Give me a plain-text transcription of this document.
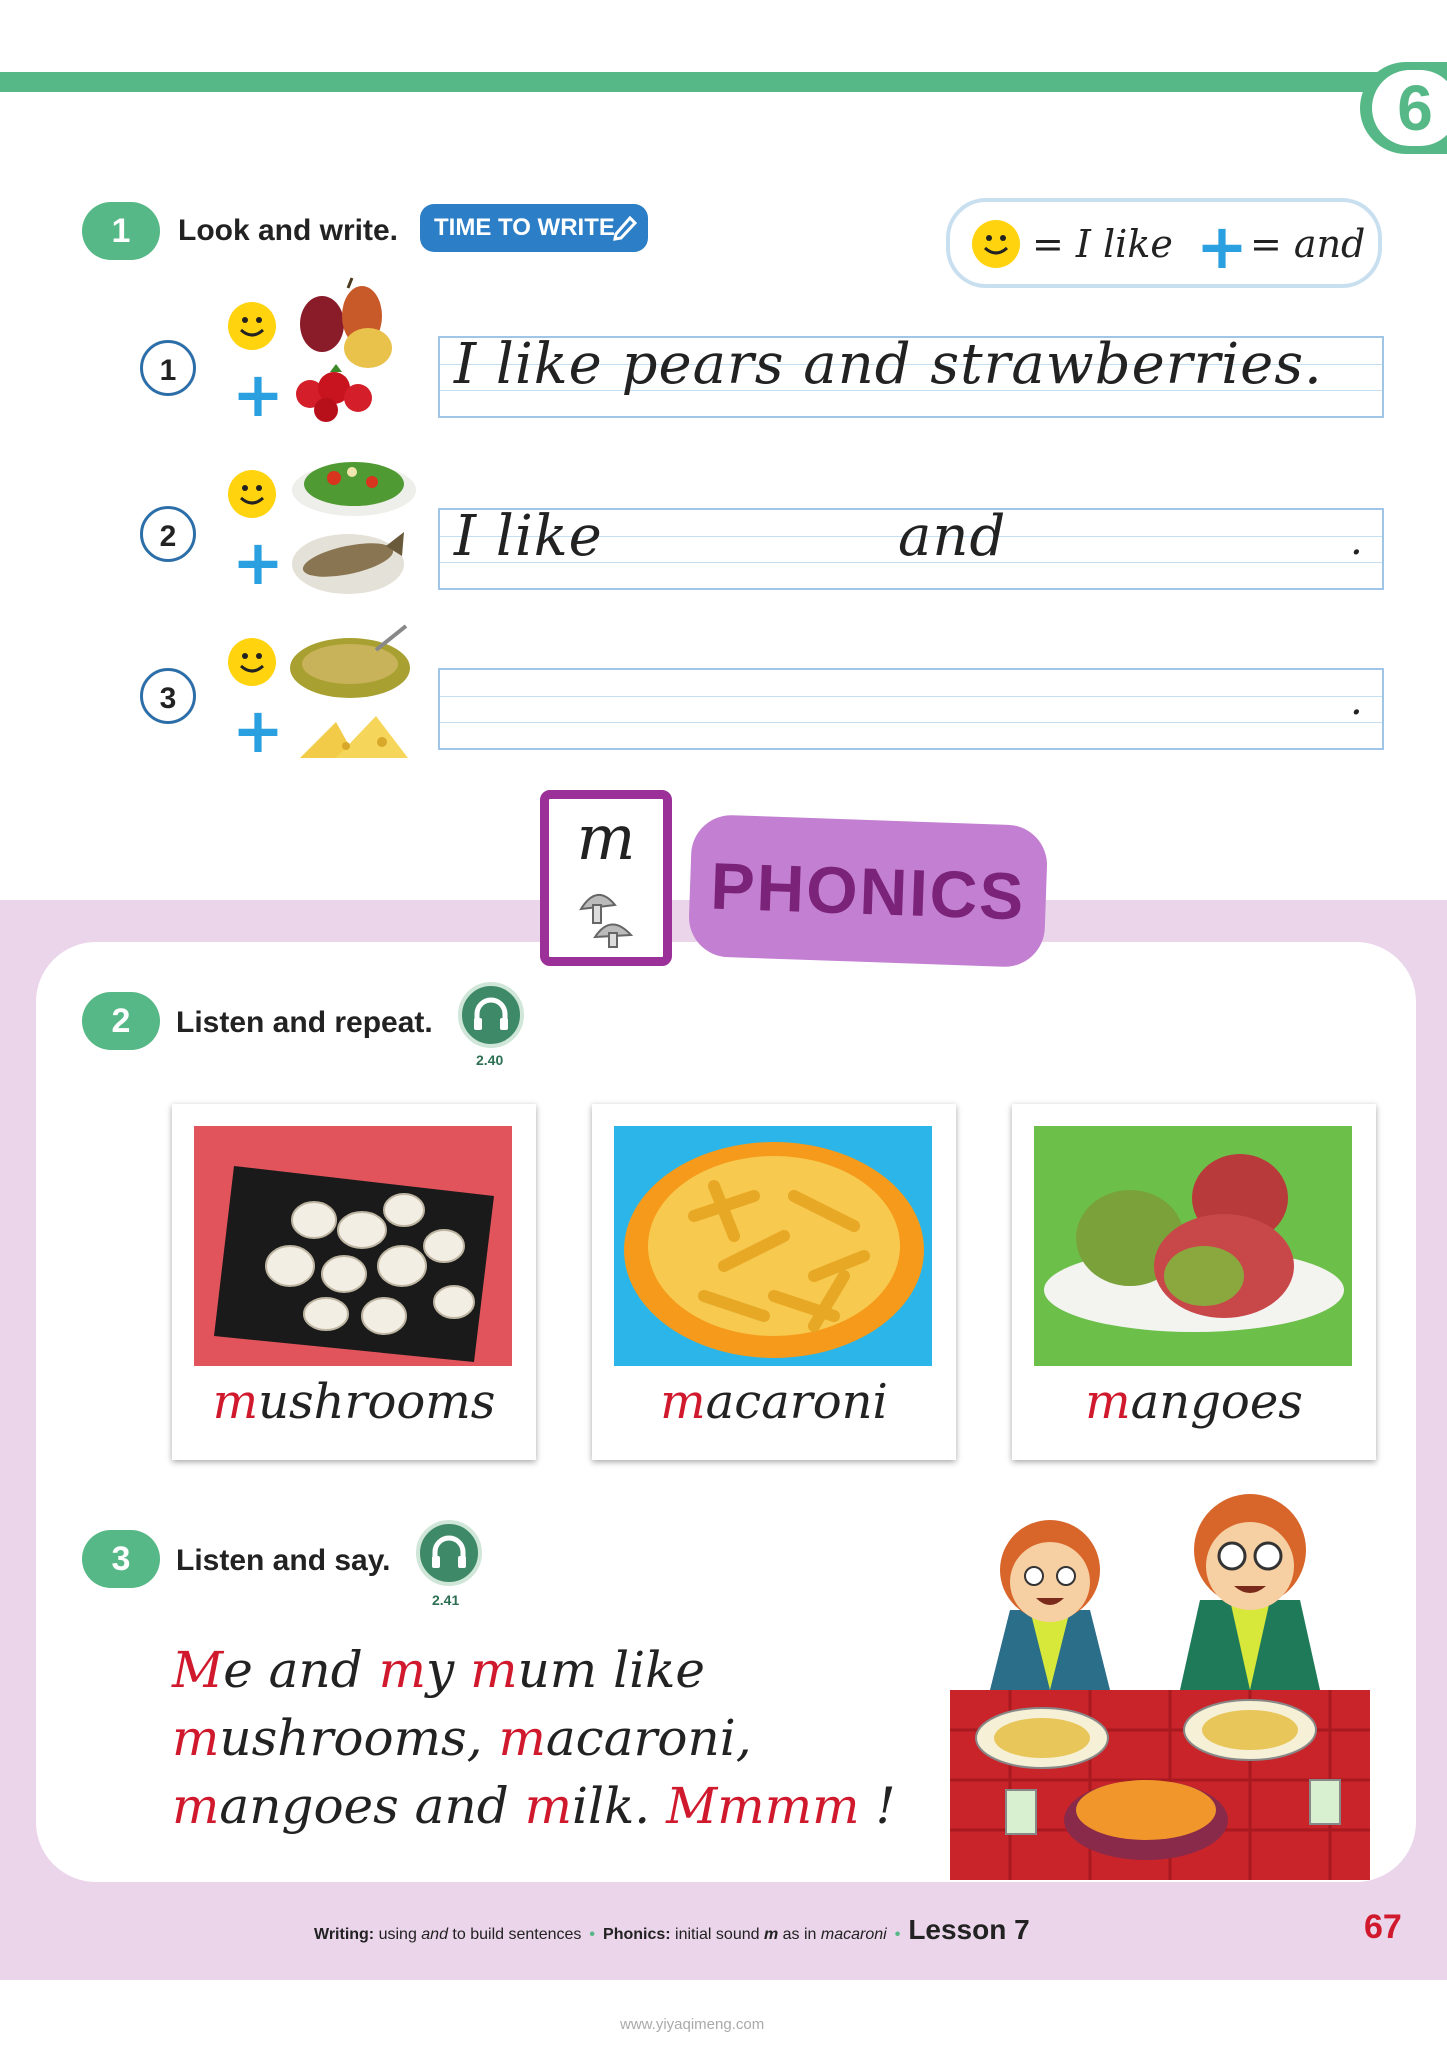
6
1	Look and write.	TIME TO WRITE	= I like + = and
1 +	I like pears and strawberries.
2 +	I like	and	.
3 +	.
m
PHONICS
2	Listen and repeat.
2.40
mushrooms	macaroni	mangoes
3	Listen and say.
2.41
Me and my mum like
mushrooms, macaroni,
mangoes and milk. Mmmm !
Writing: using and to build sentences • Phonics: initial sound m as in macaroni • Lesson 7	67
www.yiyaqimeng.com
